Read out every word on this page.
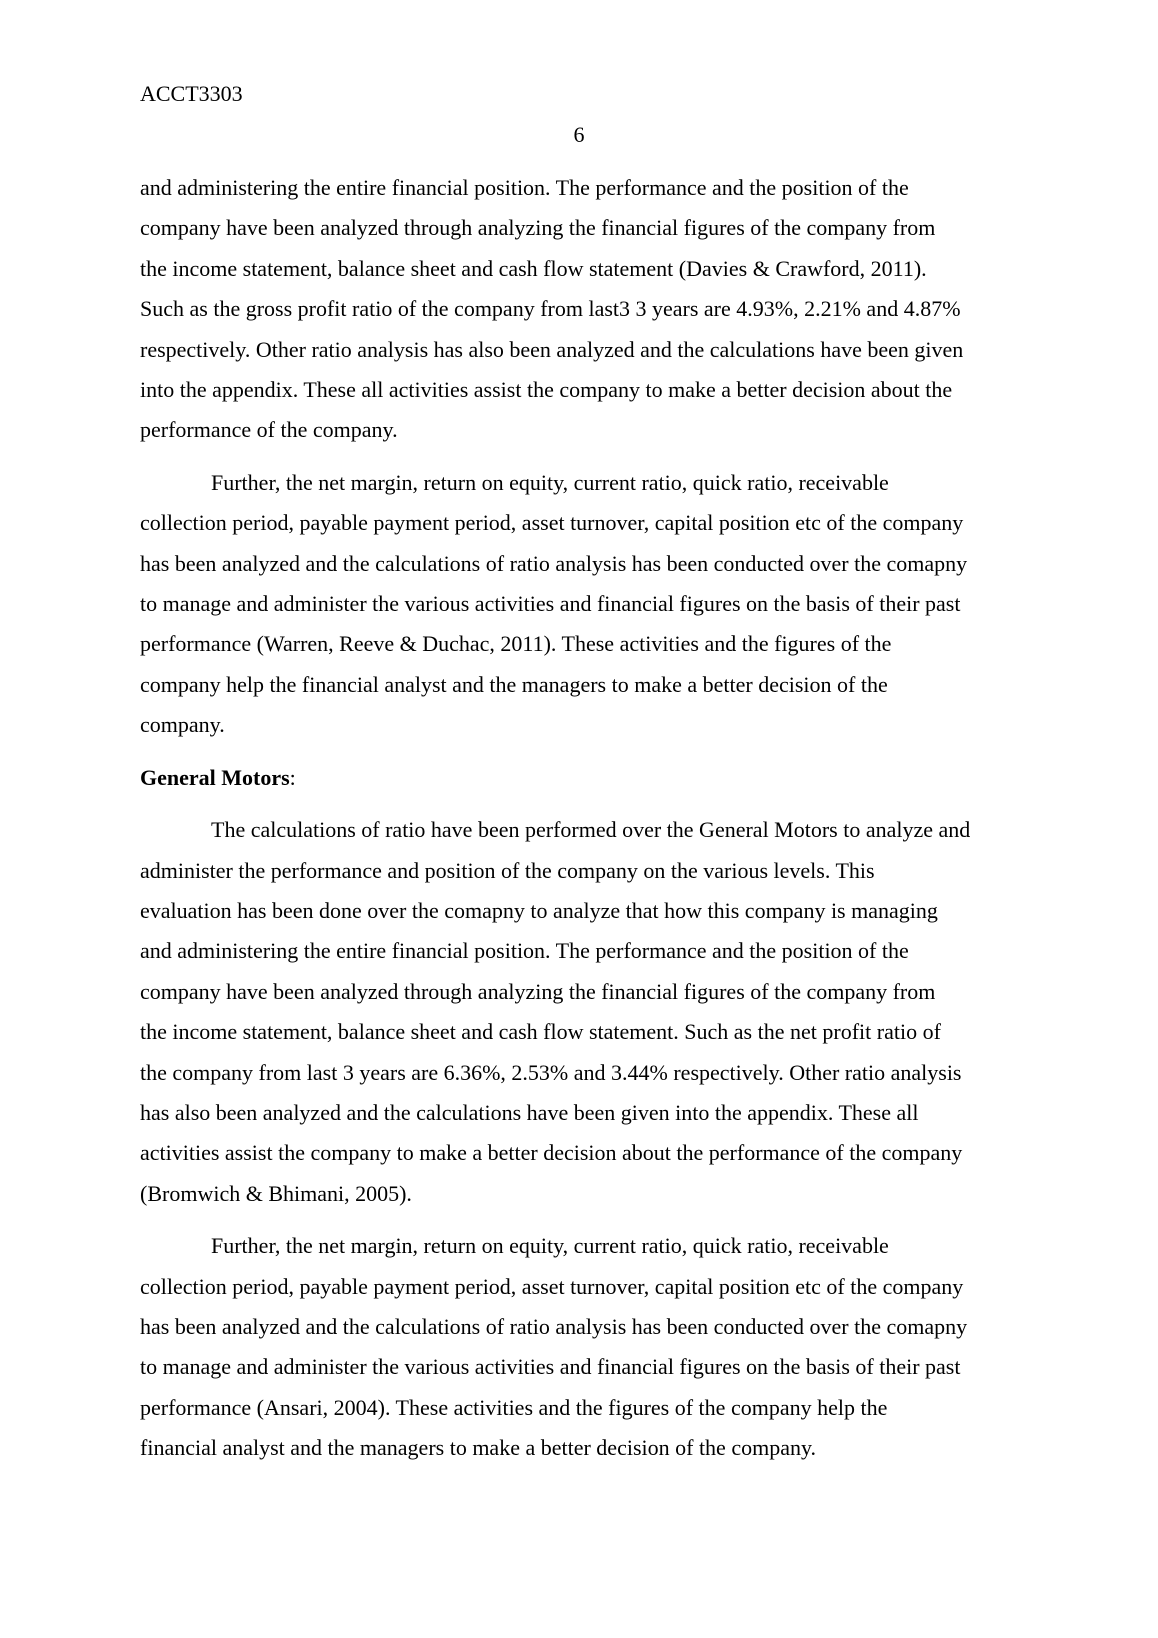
ACCT3303
6

and administering the entire financial position. The performance and the position of the
company have been analyzed through analyzing the financial figures of the company from
the income statement, balance sheet and cash flow statement (Davies & Crawford, 2011).
Such as the gross profit ratio of the company from last3 3 years are 4.93%, 2.21% and 4.87%
respectively. Other ratio analysis has also been analyzed and the calculations have been given
into the appendix. These all activities assist the company to make a better decision about the
performance of the company.

Further, the net margin, return on equity, current ratio, quick ratio, receivable
collection period, payable payment period, asset turnover, capital position etc of the company
has been analyzed and the calculations of ratio analysis has been conducted over the comapny
to manage and administer the various activities and financial figures on the basis of their past
performance (Warren, Reeve & Duchac, 2011). These activities and the figures of the
company help the financial analyst and the managers to make a better decision of the
company.

General Motors:

The calculations of ratio have been performed over the General Motors to analyze and
administer the performance and position of the company on the various levels. This
evaluation has been done over the comapny to analyze that how this company is managing
and administering the entire financial position. The performance and the position of the
company have been analyzed through analyzing the financial figures of the company from
the income statement, balance sheet and cash flow statement. Such as the net profit ratio of
the company from last 3 years are 6.36%, 2.53% and 3.44% respectively. Other ratio analysis
has also been analyzed and the calculations have been given into the appendix. These all
activities assist the company to make a better decision about the performance of the company
(Bromwich & Bhimani, 2005).

Further, the net margin, return on equity, current ratio, quick ratio, receivable
collection period, payable payment period, asset turnover, capital position etc of the company
has been analyzed and the calculations of ratio analysis has been conducted over the comapny
to manage and administer the various activities and financial figures on the basis of their past
performance (Ansari, 2004). These activities and the figures of the company help the
financial analyst and the managers to make a better decision of the company.
